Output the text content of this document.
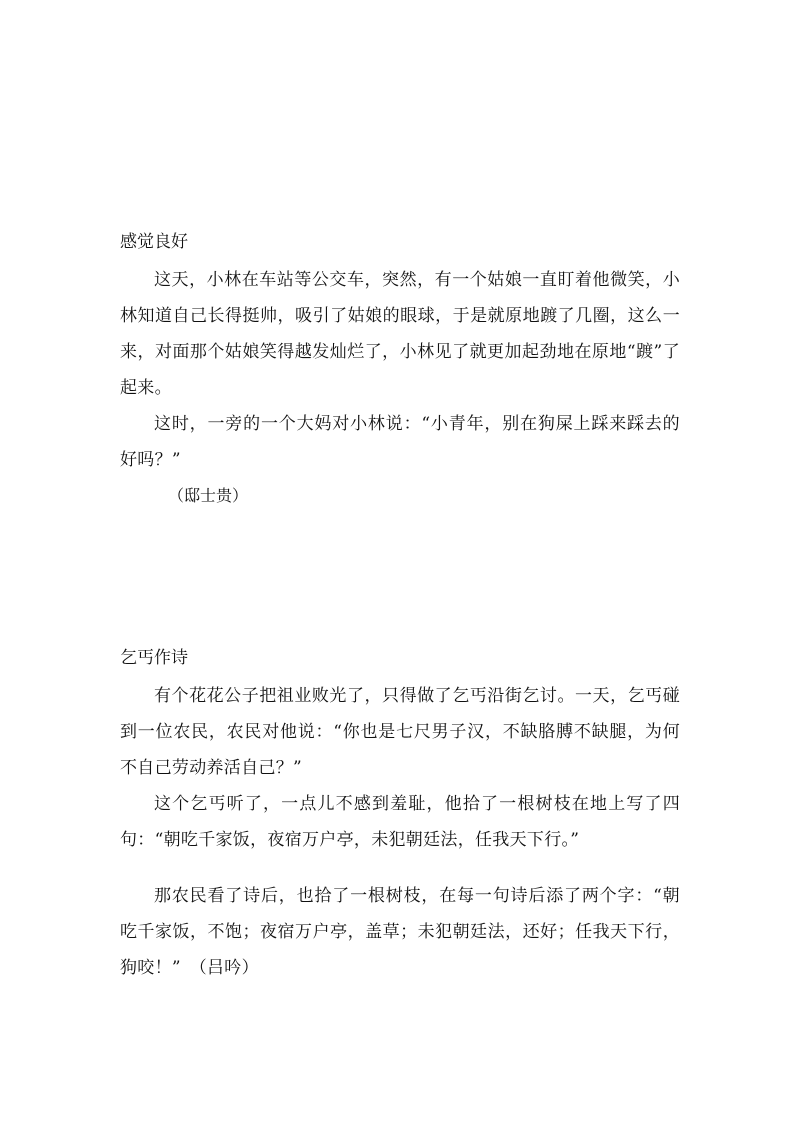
感觉良好

这天，小林在车站等公交车，突然，有一个姑娘一直盯着他微笑，小林知道自己长得挺帅，吸引了姑娘的眼球，于是就原地踱了几圈，这么一来，对面那个姑娘笑得越发灿烂了，小林见了就更加起劲地在原地“踱”了起来。

这时，一旁的一个大妈对小林说：“小青年，别在狗屎上踩来踩去的好吗？”

（邸士贵）

乞丐作诗

有个花花公子把祖业败光了，只得做了乞丐沿街乞讨。一天，乞丐碰到一位农民，农民对他说：“你也是七尺男子汉，不缺胳膊不缺腿，为何不自己劳动养活自己？”

这个乞丐听了，一点儿不感到羞耻，他拾了一根树枝在地上写了四句：“朝吃千家饭，夜宿万户亭，未犯朝廷法，任我天下行。”

那农民看了诗后，也拾了一根树枝，在每一句诗后添了两个字：“朝吃千家饭，不饱；夜宿万户亭，盖草；未犯朝廷法，还好；任我天下行，狗咬！”　（吕吟）
